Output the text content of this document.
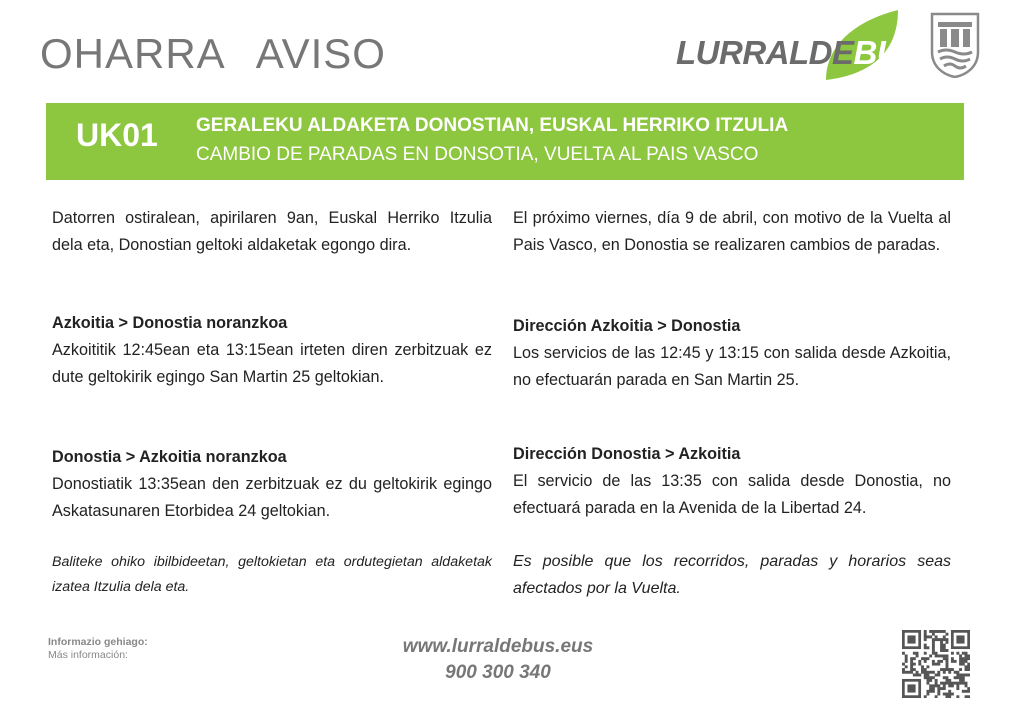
OHARRA AVISO	LURRALDEBUS
UK01 GERALEKU ALDAKETA DONOSTIAN, EUSKAL HERRIKO ITZULIA
CAMBIO DE PARADAS EN DONSOTIA, VUELTA AL PAIS VASCO

Datorren ostiralean, apirilaren 9an, Euskal Herriko Itzulia dela eta, Donostian geltoki aldaketak egongo dira.

Azkoitia > Donostia noranzkoa

Azkoititik 12:45ean eta 13:15ean irteten diren zerbitzuak ez dute geltokirik egingo San Martin 25 geltokian.

Donostia > Azkoitia noranzkoa

Donostiatik 13:35ean den zerbitzuak ez du geltokirik egingo Askatasunaren Etorbidea 24 geltokian.

Baliteke ohiko ibilbideetan, geltokietan eta ordutegietan aldaketak izatea Itzulia dela eta.

El próximo viernes, día 9 de abril, con motivo de la Vuelta al Pais Vasco, en Donostia se realizaren cambios de paradas.

Dirección Azkoitia > Donostia

Los servicios de las 12:45 y 13:15 con salida desde Azkoitia, no efectuarán parada en San Martin 25.

Dirección Donostia > Azkoitia

El servicio de las 13:35 con salida desde Donostia, no efectuará parada en la Avenida de la Libertad 24.

Es posible que los recorridos, paradas y horarios seas afectados por la Vuelta.

Informazio gehiago:
Más información:	www.lurraldebus.eus
900 300 340
